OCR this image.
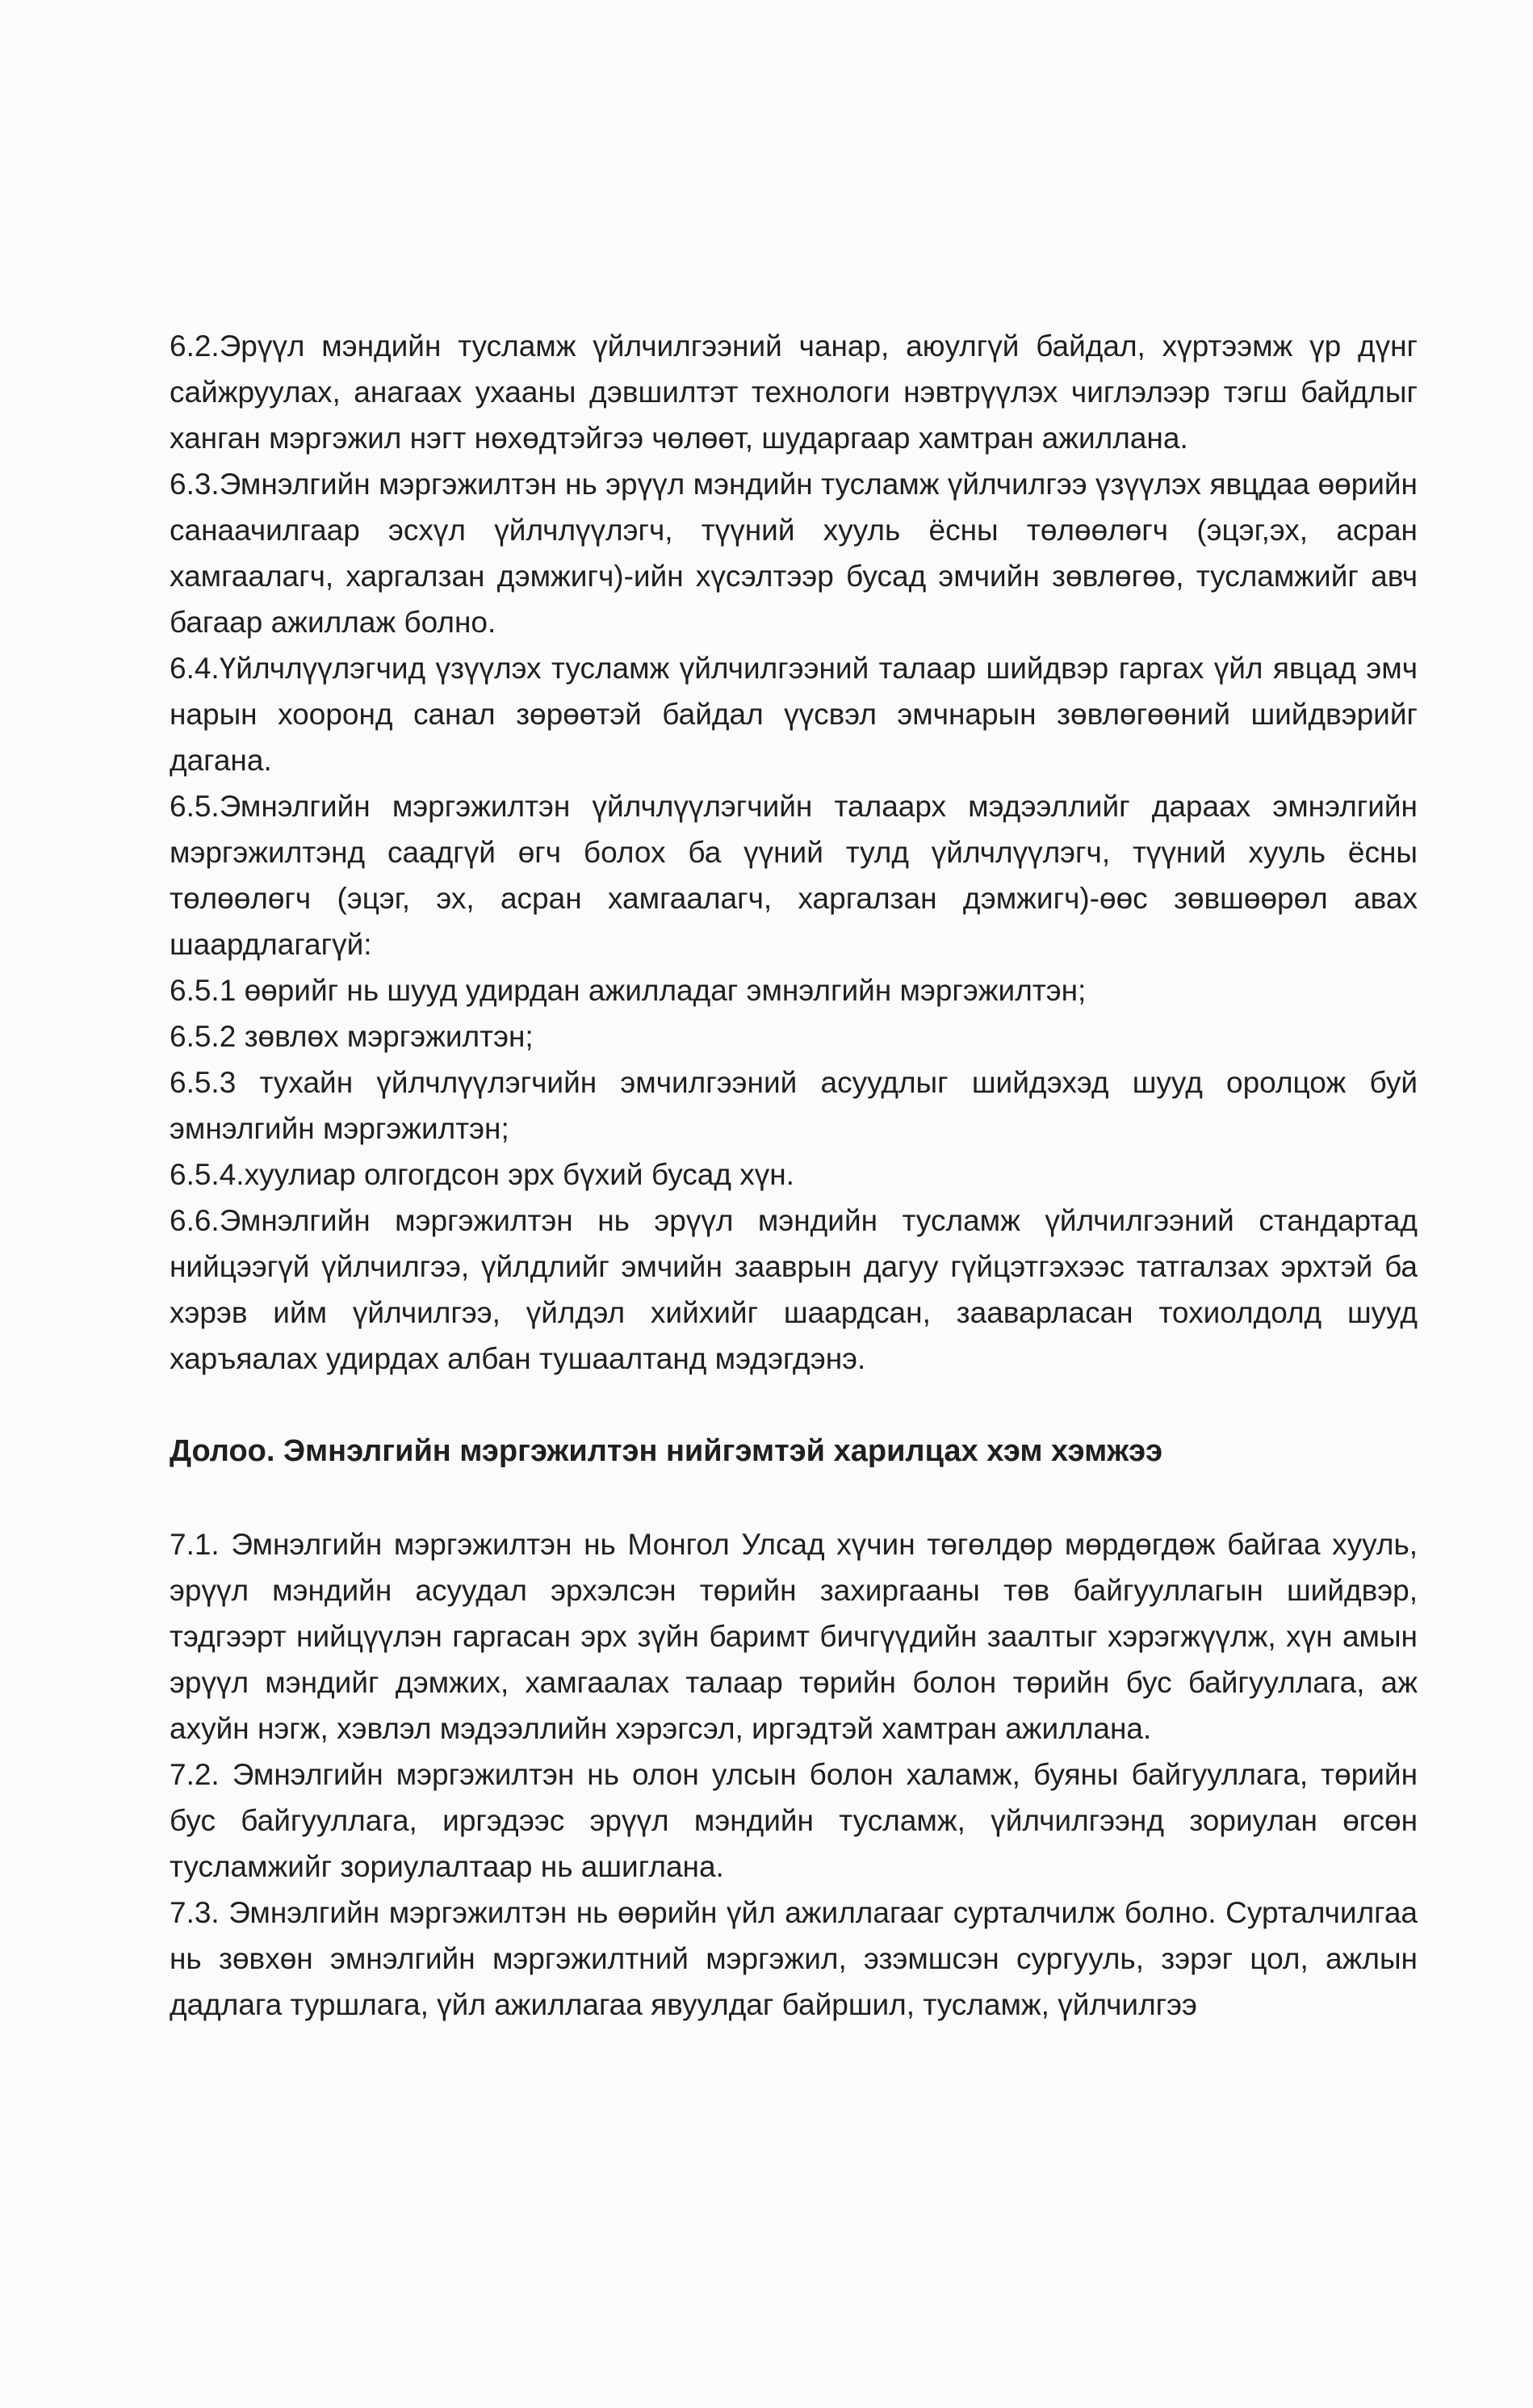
6.2.Эрүүл мэндийн тусламж үйлчилгээний чанар, аюулгүй байдал, хүртээмж үр дүнг сайжруулах, анагаах ухааны дэвшилтэт технологи нэвтрүүлэх чиглэлээр тэгш байдлыг ханган мэргэжил нэгт нөхөдтэйгээ чөлөөт, шударгаар хамтран ажиллана.

6.3.Эмнэлгийн мэргэжилтэн нь эрүүл мэндийн тусламж үйлчилгээ үзүүлэх явцдаа өөрийн санаачилгаар эсхүл үйлчлүүлэгч, түүний хууль ёсны төлөөлөгч (эцэг,эх, асран хамгаалагч, харгалзан дэмжигч)-ийн хүсэлтээр бусад эмчийн зөвлөгөө, тусламжийг авч багаар ажиллаж болно.

6.4.Үйлчлүүлэгчид үзүүлэх тусламж үйлчилгээний талаар шийдвэр гаргах үйл явцад эмч нарын хооронд санал зөрөөтэй байдал үүсвэл эмчнарын зөвлөгөөний шийдвэрийг дагана.

6.5.Эмнэлгийн мэргэжилтэн үйлчлүүлэгчийн талаарх мэдээллийг дараах эмнэлгийн мэргэжилтэнд саадгүй өгч болох ба үүний тулд үйлчлүүлэгч, түүний хууль ёсны төлөөлөгч (эцэг, эх, асран хамгаалагч, харгалзан дэмжигч)-өөс зөвшөөрөл авах шаардлагагүй:

6.5.1 өөрийг нь шууд удирдан ажилладаг эмнэлгийн мэргэжилтэн;

6.5.2 зөвлөх мэргэжилтэн;

6.5.3 тухайн үйлчлүүлэгчийн эмчилгээний асуудлыг шийдэхэд шууд оролцож буй эмнэлгийн мэргэжилтэн;

6.5.4.хуулиар олгогдсон эрх бүхий бусад хүн.

6.6.Эмнэлгийн мэргэжилтэн нь эрүүл мэндийн тусламж үйлчилгээний стандартад нийцээгүй үйлчилгээ, үйлдлийг эмчийн зааврын дагуу гүйцэтгэхээс татгалзах эрхтэй ба хэрэв ийм үйлчилгээ, үйлдэл хийхийг шаардсан, зааварласан тохиолдолд шууд харъяалах удирдах албан тушаалтанд мэдэгдэнэ.

Долоо. Эмнэлгийн мэргэжилтэн нийгэмтэй харилцах хэм хэмжээ

7.1. Эмнэлгийн мэргэжилтэн нь Монгол Улсад хүчин төгөлдөр мөрдөгдөж байгаа хууль, эрүүл мэндийн асуудал эрхэлсэн төрийн захиргааны төв байгууллагын шийдвэр, тэдгээрт нийцүүлэн гаргасан эрх зүйн баримт бичгүүдийн заалтыг хэрэгжүүлж, хүн амын эрүүл мэндийг дэмжих, хамгаалах талаар төрийн болон төрийн бус байгууллага, аж ахуйн нэгж, хэвлэл мэдээллийн хэрэгсэл, иргэдтэй хамтран ажиллана.

7.2. Эмнэлгийн мэргэжилтэн нь олон улсын болон халамж, буяны байгууллага, төрийн бус байгууллага, иргэдээс эрүүл мэндийн тусламж, үйлчилгээнд зориулан өгсөн тусламжийг зориулалтаар нь ашиглана.

7.3. Эмнэлгийн мэргэжилтэн нь өөрийн үйл ажиллагааг сурталчилж болно. Сурталчилгаа нь зөвхөн эмнэлгийн мэргэжилтний мэргэжил, эзэмшсэн сургууль, зэрэг цол, ажлын дадлага туршлага, үйл ажиллагаа явуулдаг байршил, тусламж, үйлчилгээ
